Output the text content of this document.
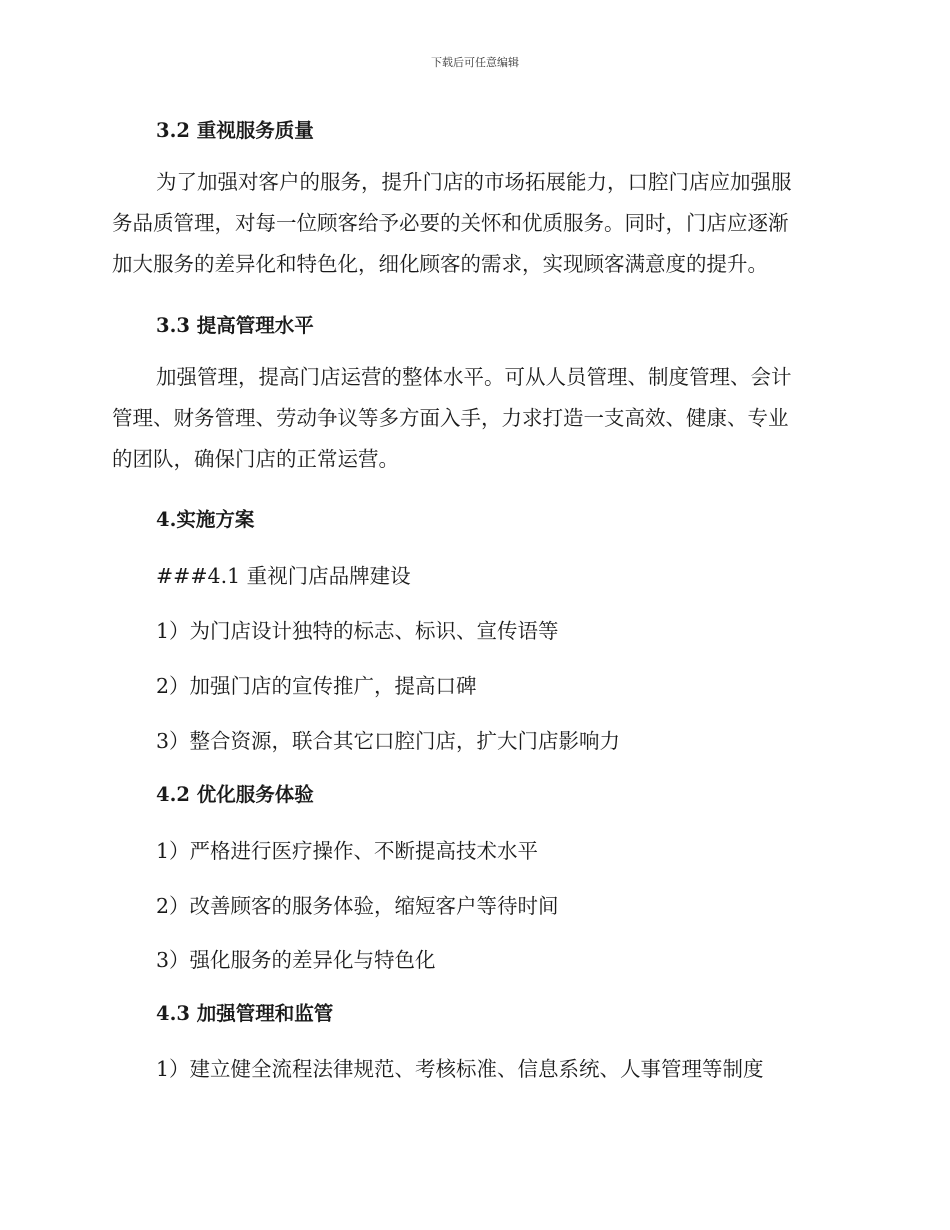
下载后可任意编辑
3.2 重视服务质量
为了加强对客户的服务，提升门店的市场拓展能力，口腔门店应加强服
务品质管理，对每一位顾客给予必要的关怀和优质服务。同时，门店应逐渐
加大服务的差异化和特色化，细化顾客的需求，实现顾客满意度的提升。
3.3 提高管理水平
加强管理，提高门店运营的整体水平。可从人员管理、制度管理、会计
管理、财务管理、劳动争议等多方面入手，力求打造一支高效、健康、专业
的团队，确保门店的正常运营。
4.实施方案
###4.1 重视门店品牌建设
1）为门店设计独特的标志、标识、宣传语等
2）加强门店的宣传推广，提高口碑
3）整合资源，联合其它口腔门店，扩大门店影响力
4.2 优化服务体验
1）严格进行医疗操作、不断提高技术水平
2）改善顾客的服务体验，缩短客户等待时间
3）强化服务的差异化与特色化
4.3 加强管理和监管
1）建立健全流程法律规范、考核标准、信息系统、人事管理等制度
